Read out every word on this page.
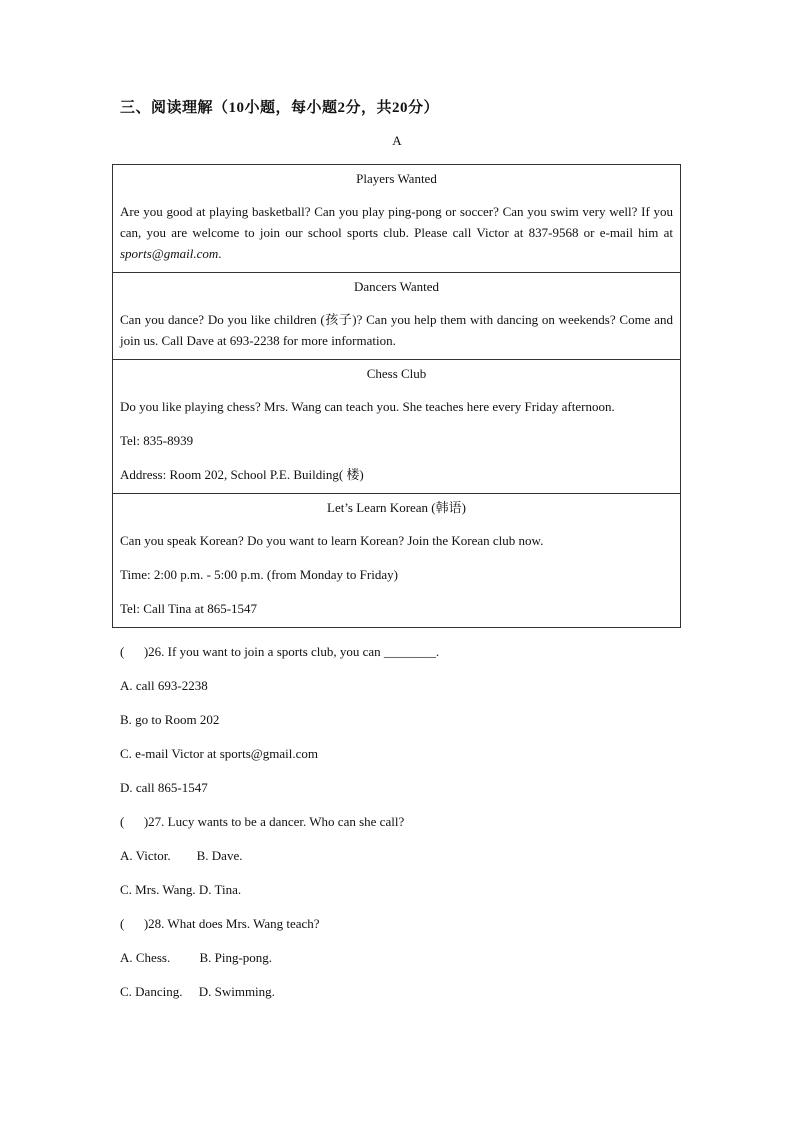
三、阅读理解（10小题，每小题2分，共20分）
A
Players Wanted

Are you good at playing basketball? Can you play ping-pong or soccer? Can you swim very well? If you can, you are welcome to join our school sports club. Please call Victor at 837-9568 or e-mail him at sports@gmail.com.

Dancers Wanted

Can you dance? Do you like children (孩子)? Can you help them with dancing on weekends? Come and join us. Call Dave at 693-2238 for more information.

Chess Club

Do you like playing chess? Mrs. Wang can teach you. She teaches here every Friday afternoon.

Tel: 835-8939

Address: Room 202, School P.E. Building( 楼)

Let’s Learn Korean (韩语)

Can you speak Korean? Do you want to learn Korean? Join the Korean club now.

Time: 2:00 p.m. - 5:00 p.m. (from Monday to Friday)

Tel: Call Tina at 865-1547

(      )26. If you want to join a sports club, you can ________.

A. call 693-2238

B. go to Room 202

C. e-mail Victor at sports@gmail.com

D. call 865-1547

(      )27. Lucy wants to be a dancer. Who can she call?

A. Victor.        B. Dave.

C. Mrs. Wang. D. Tina.

(      )28. What does Mrs. Wang teach?

A. Chess.         B. Ping-pong.

C. Dancing.     D. Swimming.
